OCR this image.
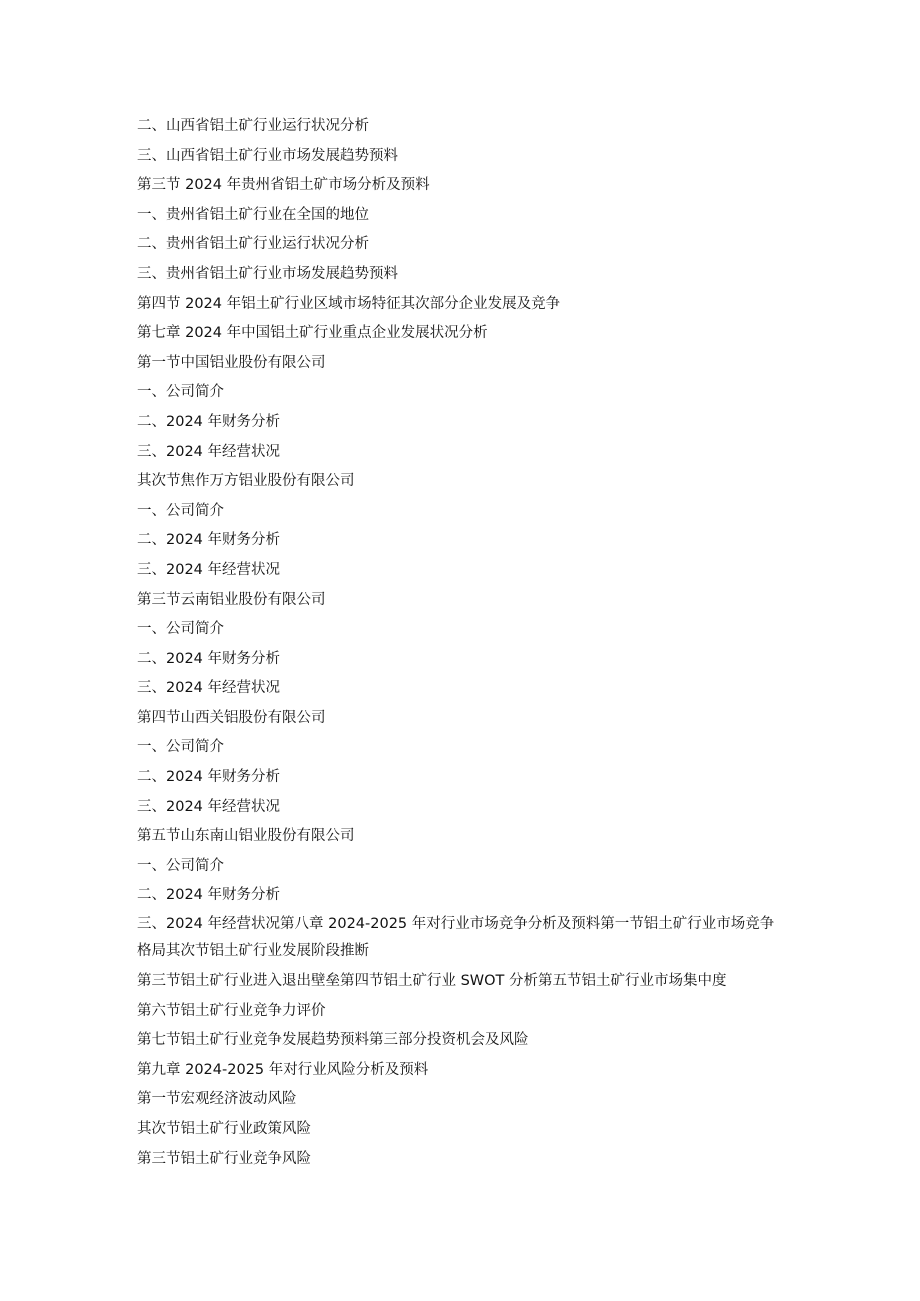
二、山西省铝土矿行业运行状况分析
三、山西省铝土矿行业市场发展趋势预料
第三节 2024 年贵州省铝土矿市场分析及预料
一、贵州省铝土矿行业在全国的地位
二、贵州省铝土矿行业运行状况分析
三、贵州省铝土矿行业市场发展趋势预料
第四节 2024 年铝土矿行业区域市场特征其次部分企业发展及竞争
第七章 2024 年中国铝土矿行业重点企业发展状况分析
第一节中国铝业股份有限公司
一、公司简介
二、2024 年财务分析
三、2024 年经营状况
其次节焦作万方铝业股份有限公司
一、公司简介
二、2024 年财务分析
三、2024 年经营状况
第三节云南铝业股份有限公司
一、公司简介
二、2024 年财务分析
三、2024 年经营状况
第四节山西关铝股份有限公司
一、公司简介
二、2024 年财务分析
三、2024 年经营状况
第五节山东南山铝业股份有限公司
一、公司简介
二、2024 年财务分析
三、2024 年经营状况第八章 2024-2025 年对行业市场竞争分析及预料第一节铝土矿行业市场竞争格局其次节铝土矿行业发展阶段推断
第三节铝土矿行业进入退出壁垒第四节铝土矿行业 SWOT 分析第五节铝土矿行业市场集中度
第六节铝土矿行业竞争力评价
第七节铝土矿行业竞争发展趋势预料第三部分投资机会及风险
第九章 2024-2025 年对行业风险分析及预料
第一节宏观经济波动风险
其次节铝土矿行业政策风险
第三节铝土矿行业竞争风险
